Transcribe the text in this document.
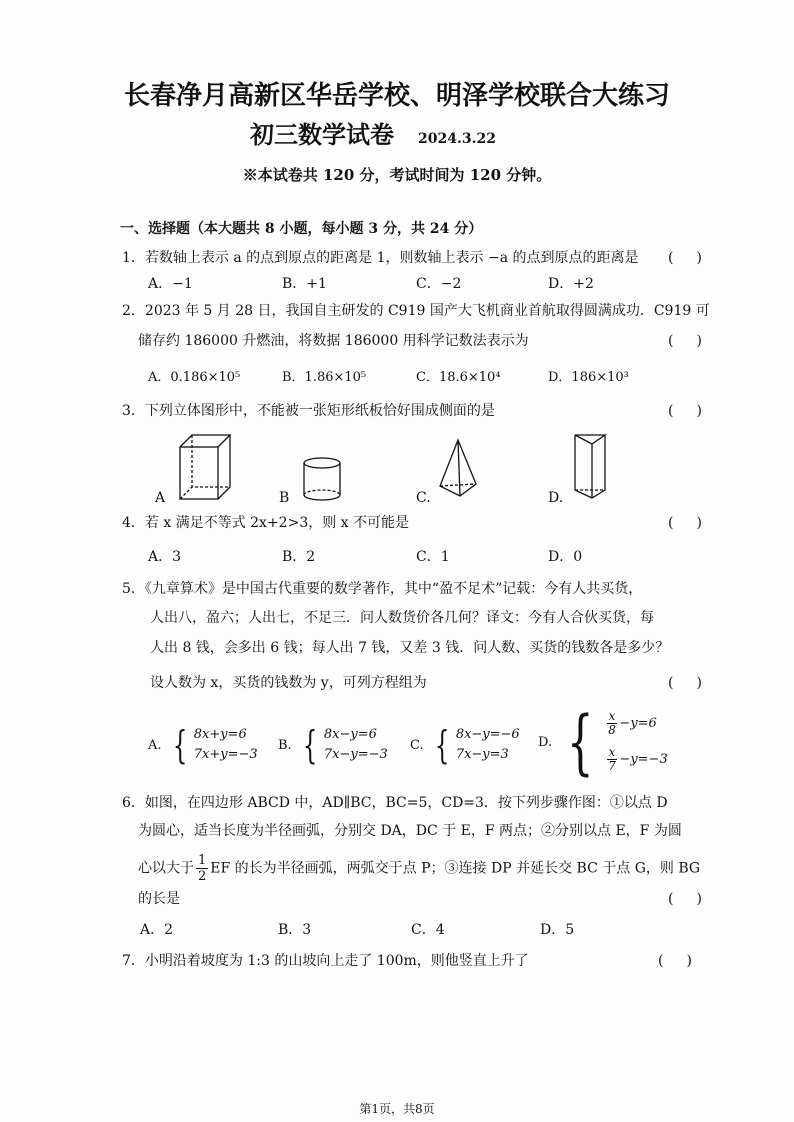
长春净月高新区华岳学校、明泽学校联合大练习
初三数学试卷 2024.3.22
※本试卷共 120 分，考试时间为 120 分钟。
一、选择题（本大题共 8 小题，每小题 3 分，共 24 分）
1．若数轴上表示 a 的点到原点的距离是 1，则数轴上表示 −a 的点到原点的距离是 ( )
A．−1	B．+1	C．−2	D．+2
2．2023 年 5 月 28 日，我国自主研发的 C919 国产大飞机商业首航取得圆满成功．C919 可
储存约 186000 升燃油，将数据 186000 用科学记数法表示为	( )
A．0.186×10⁵	B．1.86×10⁵	C．18.6×10⁴	D．186×10³
3．下列立体图形中，不能被一张矩形纸板恰好围成侧面的是	( )
A	B	C.	D.
4．若 x 满足不等式 2x+2>3，则 x 不可能是	( )
A．3	B．2	C．1	D．0
5．《九章算术》是中国古代重要的数学著作，其中“盈不足术”记载：今有人共买货，
人出八，盈六；人出七，不足三．问人数货价各几何？译文：今有人合伙买货，每
人出 8 钱，会多出 6 钱；每人出 7 钱，又差 3 钱．问人数、买货的钱数各是多少？
设人数为 x，买货的钱数为 y，可列方程组为	( )
A. { 8x+y=6
7x+y=−3
B. { 8x−y=6
7x−y=−3
C. { 8x−y=−6
7x−y=3
D. { $\frac{x}{8} -y=6$
$\frac{x}{7} -y=-3$
6．如图，在四边形 ABCD 中，AD∥BC，BC=5，CD=3．按下列步骤作图：①以点 D
为圆心，适当长度为半径画弧，分别交 DA，DC 于 E，F 两点；②分别以点 E，F 为圆
心以大于 $\frac{1}{2}$ EF 的长为半径画弧，两弧交于点 P；③连接 DP 并延长交 BC 于点 G，则 BG
的长是	( )
A．2	B．3	C．4	D．5
7．小明沿着坡度为 1:3 的山坡向上走了 100m，则他竖直上升了	( )
第1页，共8页
